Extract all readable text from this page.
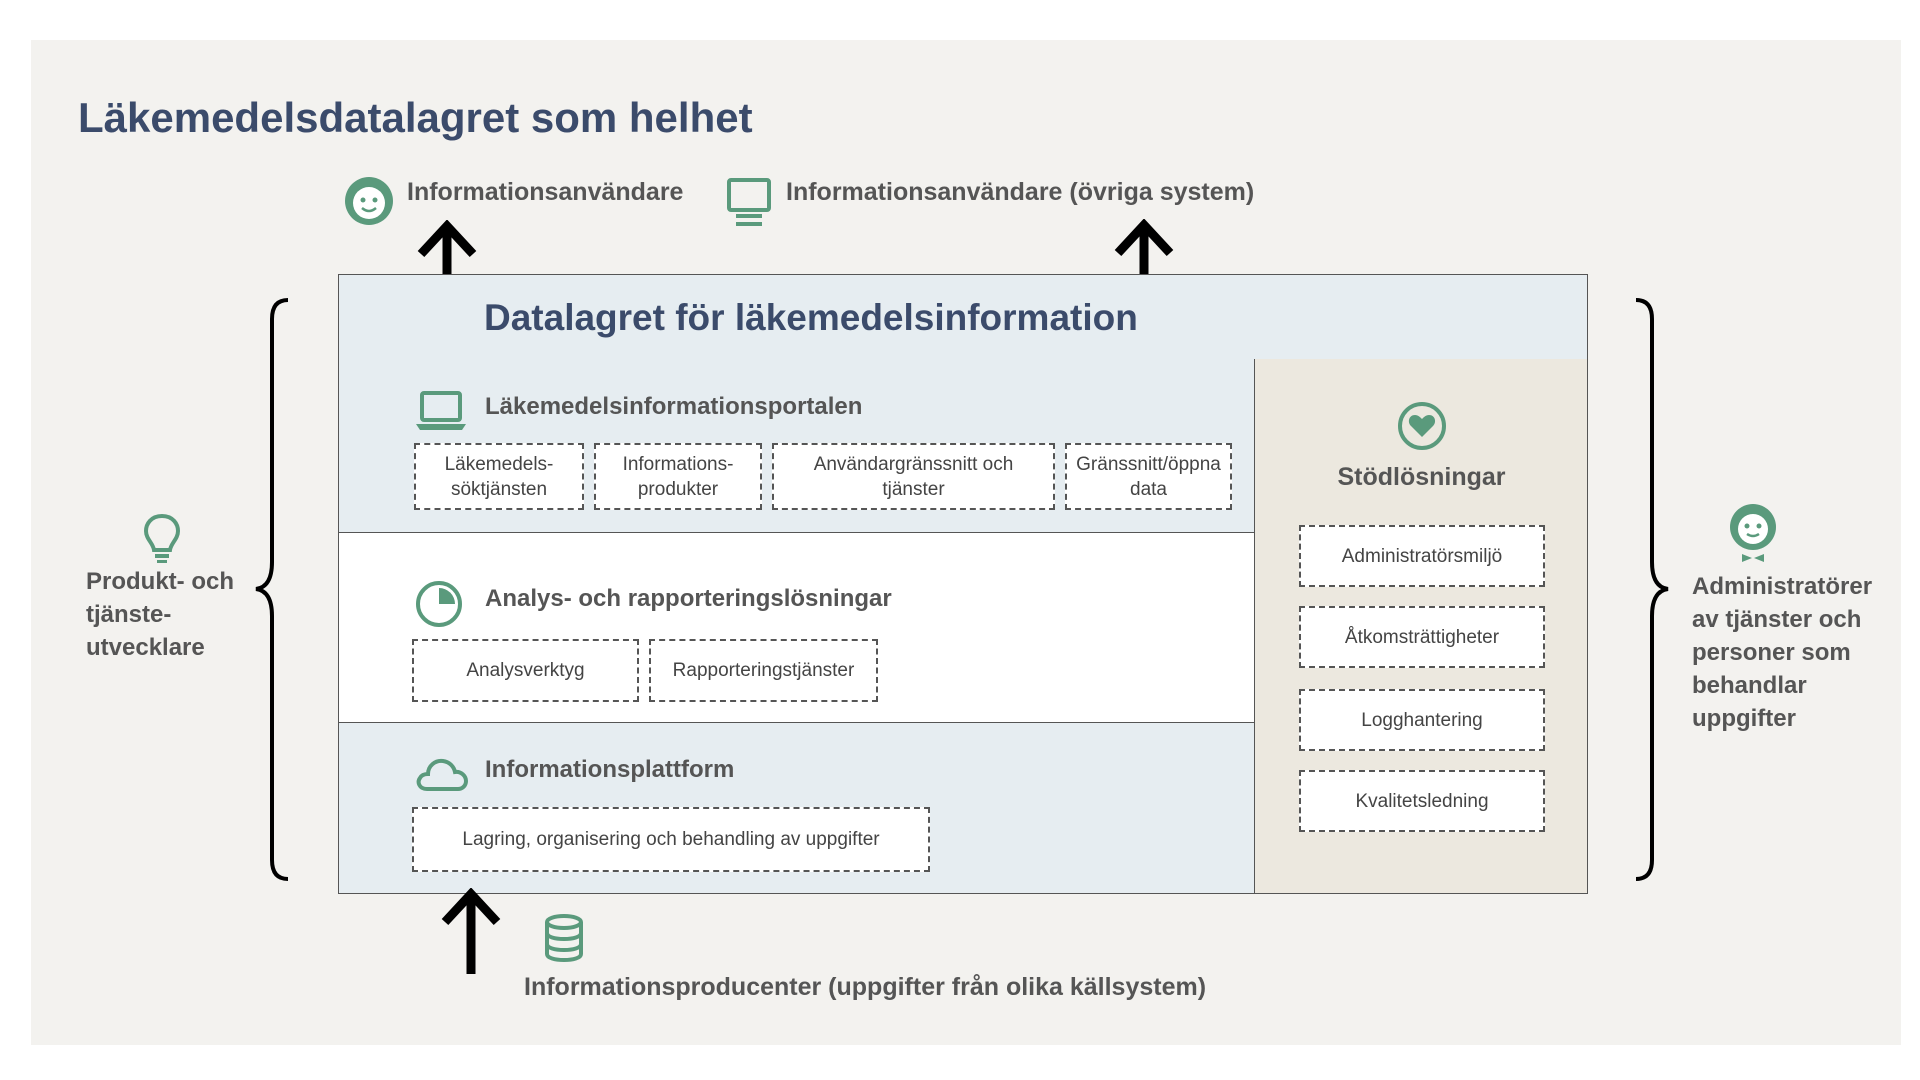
Läkemedelsdatalagret som helhet
Informationsanvändare	Informationsanvändare (övriga system)
Produkt- och
tjänste-
utvecklare
Administratörer
av tjänster och
personer som
behandlar
uppgifter
Datalagret för läkemedelsinformation
Läkemedelsinformationsportalen
Läkemedels-
söktjänsten
Informations-
produkter
Användargränssnitt och
tjänster
Gränssnitt/öppna
data
Analys- och rapporteringslösningar
Analysverktyg	Rapporteringstjänster
Informationsplattform
Lagring, organisering och behandling av uppgifter
Stödlösningar
Administratörsmiljö
Åtkomsträttigheter
Logghantering
Kvalitetsledning
Informationsproducenter (uppgifter från olika källsystem)
